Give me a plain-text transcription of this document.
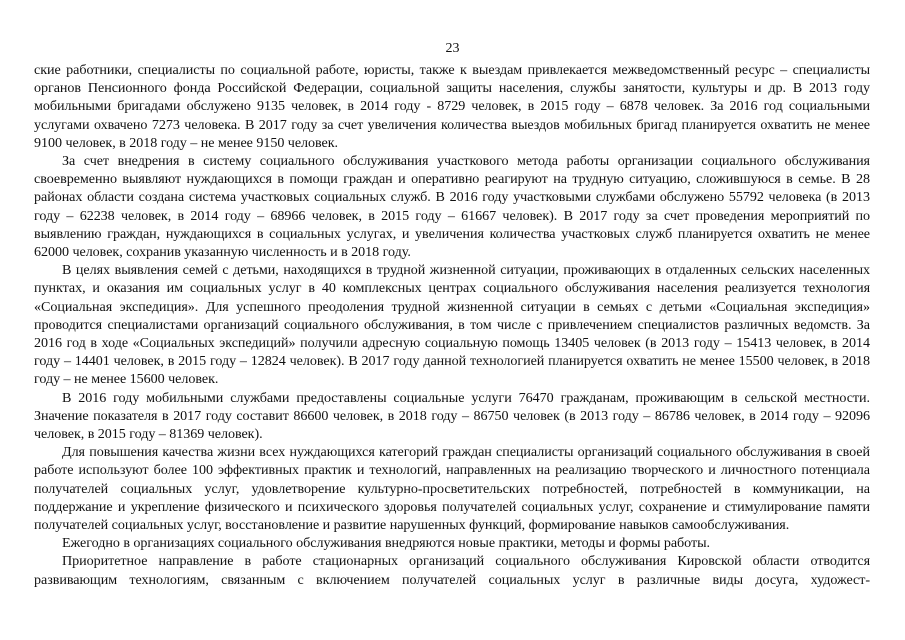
23

ские работники, специалисты по социальной работе, юристы, также к выездам привлекается межведомственный ресурс – специалисты органов Пенсионного фонда Российской Федерации, социальной защиты населения, службы занятости, культуры и др. В 2013 году мобильными бригадами обслужено 9135 человек, в 2014 году - 8729 человек, в 2015 году – 6878 человек. За 2016 год социальными услугами охвачено 7273 человека. В 2017 году за счет увеличения количества выездов мобильных бригад планируется охватить не менее 9100 человек, в 2018 году – не менее 9150 человек.

За счет внедрения в систему социального обслуживания участкового метода работы организации социального обслуживания своевременно выявляют нуждающихся в помощи граждан и оперативно реагируют на трудную ситуацию, сложившуюся в семье. В 28 районах области создана система участковых социальных служб. В 2016 году участковыми службами обслужено 55792 человека (в 2013 году – 62238 человек, в 2014 году – 68966 человек, в 2015 году – 61667 человек). В 2017 году за счет проведения мероприятий по выявлению граждан, нуждающихся в социальных услугах, и увеличения количества участковых служб планируется охватить не менее 62000 человек, сохранив указанную численность и в 2018 году.

В целях выявления семей с детьми, находящихся в трудной жизненной ситуации, проживающих в отдаленных сельских населенных пунктах, и оказания им социальных услуг в 40 комплексных центрах социального обслуживания населения реализуется технология «Социальная экспедиция». Для успешного преодоления трудной жизненной ситуации в семьях с детьми «Социальная экспедиция» проводится специалистами организаций социального обслуживания, в том числе с привлечением специалистов различных ведомств. За 2016 год в ходе «Социальных экспедиций» получили адресную социальную помощь 13405 человек (в 2013 году – 15413 человек, в 2014 году – 14401 человек, в 2015 году – 12824 человек). В 2017 году данной технологией планируется охватить не менее 15500 человек, в 2018 году – не менее 15600 человек.

В 2016 году мобильными службами предоставлены социальные услуги 76470 гражданам, проживающим в сельской местности. Значение показателя в 2017 году составит 86600 человек, в 2018 году – 86750 человек (в 2013 году – 86786 человек, в 2014 году – 92096 человек, в 2015 году – 81369 человек).

Для повышения качества жизни всех нуждающихся категорий граждан специалисты организаций социального обслуживания в своей работе используют более 100 эффективных практик и технологий, направленных на реализацию творческого и личностного потенциала получателей социальных услуг, удовлетворение культурно-просветительских потребностей, потребностей в коммуникации, на поддержание и укрепление физического и психического здоровья получателей социальных услуг, сохранение и стимулирование памяти получателей социальных услуг, восстановление и развитие нарушенных функций, формирование навыков самообслуживания.

Ежегодно в организациях социального обслуживания внедряются новые практики, методы и формы работы.

Приоритетное направление в работе стационарных организаций социального обслуживания Кировской области отводится развивающим технологиям, связанным с включением получателей социальных услуг в различные виды досуга, художест-
